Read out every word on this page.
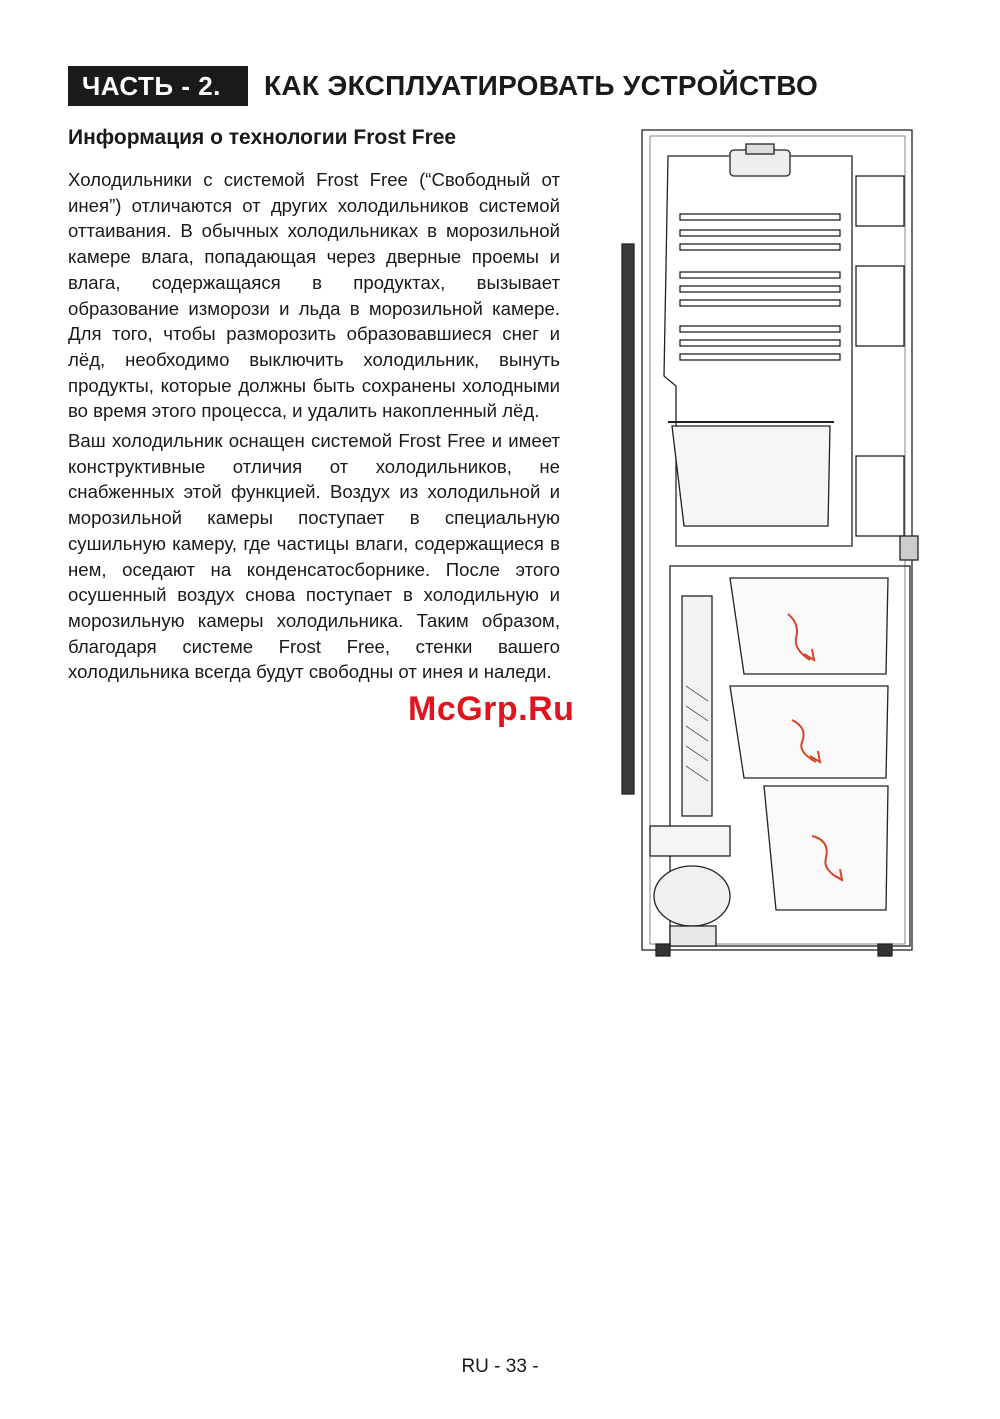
ЧАСТЬ - 2.	КАК ЭКСПЛУАТИРОВАТЬ УСТРОЙСТВО
Информация о технологии Frost Free

Холодильники с системой Frost Free (“Свободный от инея”) отличаются от других холодильников системой оттаивания. В обычных холодильниках в морозильной камере влага, попадающая через дверные проемы и влага, содержащаяся в продуктах, вызывает образование изморози и льда в морозильной камере. Для того, чтобы разморозить образовавшиеся снег и лёд, необходимо выключить холодильник, вынуть продукты, которые должны быть сохранены холодными во время этого процесса, и удалить накопленный лёд.

Ваш холодильник оснащен системой Frost Free и имеет конструктивные отличия от холодильников, не снабженных этой функцией. Воздух из холодильной и морозильной камеры поступает в специальную сушильную камеру, где частицы влаги, содержащиеся в нем, оседают на конденсатосборнике. После этого осушенный воздух снова поступает в холодильную и морозильную камеры холодильника. Таким образом, благодаря системе Frost Free, стенки вашего холодильника всегда будут свободны от инея и наледи.

McGrp.Ru
RU - 33 -
